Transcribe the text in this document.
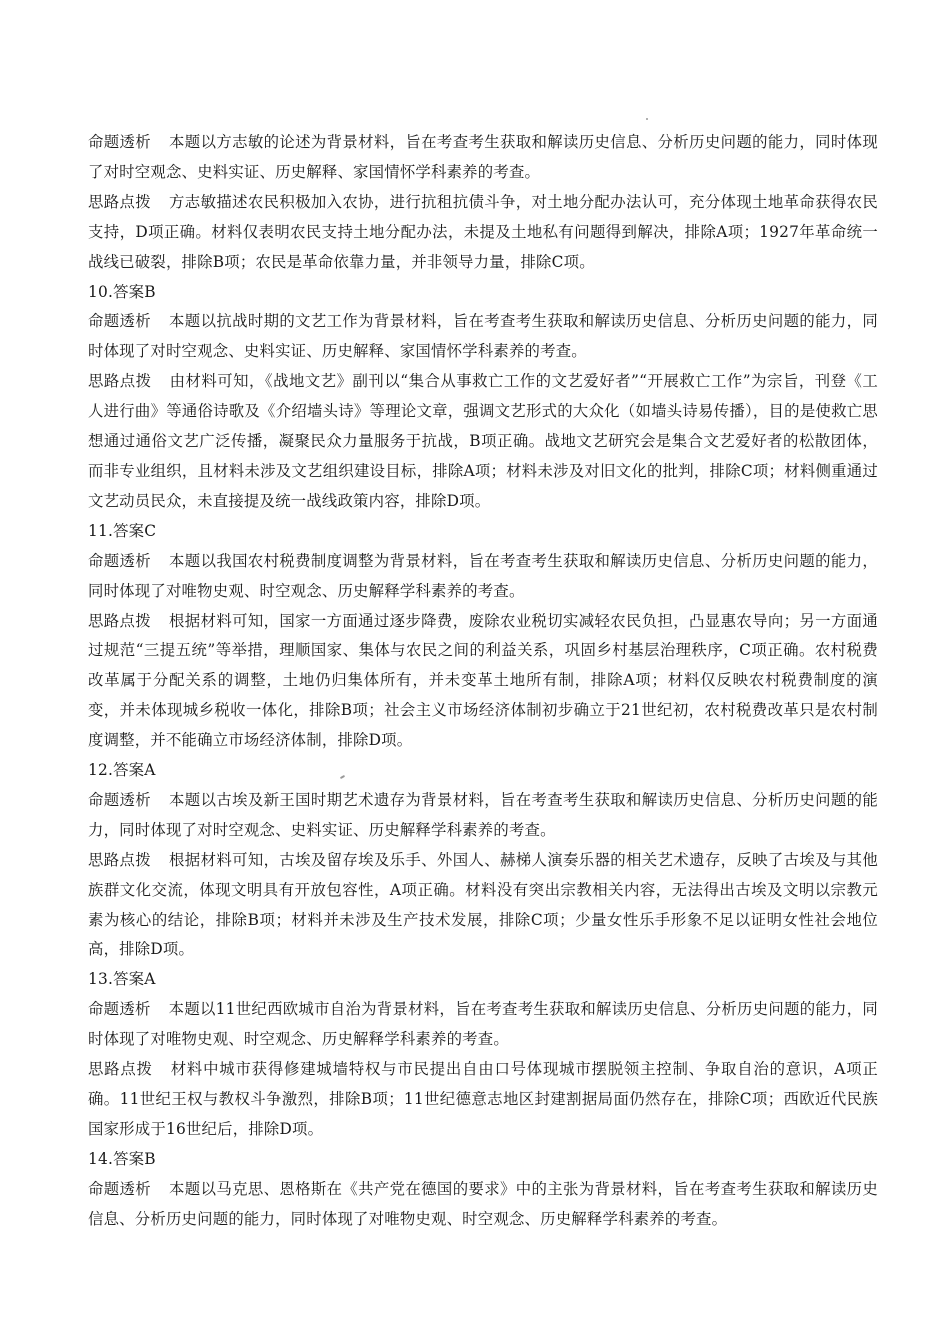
命题透析 本题以方志敏的论述为背景材料，旨在考查考生获取和解读历史信息、分析历史问题的能力，同时体现了对时空观念、史料实证、历史解释、家国情怀学科素养的考查。
思路点拨 方志敏描述农民积极加入农协，进行抗租抗债斗争，对土地分配办法认可，充分体现土地革命获得农民支持，D项正确。材料仅表明农民支持土地分配办法，未提及土地私有问题得到解决，排除A项；1927年革命统一战线已破裂，排除B项；农民是革命依靠力量，并非领导力量，排除C项。
10.答案B
命题透析 本题以抗战时期的文艺工作为背景材料，旨在考查考生获取和解读历史信息、分析历史问题的能力，同时体现了对时空观念、史料实证、历史解释、家国情怀学科素养的考查。
思路点拨 由材料可知，《战地文艺》副刊以“集合从事救亡工作的文艺爱好者”“开展救亡工作”为宗旨，刊登《工人进行曲》等通俗诗歌及《介绍墙头诗》等理论文章，强调文艺形式的大众化（如墙头诗易传播），目的是使救亡思想通过通俗文艺广泛传播，凝聚民众力量服务于抗战，B项正确。战地文艺研究会是集合文艺爱好者的松散团体，而非专业组织，且材料未涉及文艺组织建设目标，排除A项；材料未涉及对旧文化的批判，排除C项；材料侧重通过文艺动员民众，未直接提及统一战线政策内容，排除D项。
11.答案C
命题透析 本题以我国农村税费制度调整为背景材料，旨在考查考生获取和解读历史信息、分析历史问题的能力，同时体现了对唯物史观、时空观念、历史解释学科素养的考查。
思路点拨 根据材料可知，国家一方面通过逐步降费，废除农业税切实减轻农民负担，凸显惠农导向；另一方面通过规范“三提五统”等举措，理顺国家、集体与农民之间的利益关系，巩固乡村基层治理秩序，C项正确。农村税费改革属于分配关系的调整，土地仍归集体所有，并未变革土地所有制，排除A项；材料仅反映农村税费制度的演变，并未体现城乡税收一体化，排除B项；社会主义市场经济体制初步确立于21世纪初，农村税费改革只是农村制度调整，并不能确立市场经济体制，排除D项。
12.答案A
命题透析 本题以古埃及新王国时期艺术遗存为背景材料，旨在考查考生获取和解读历史信息、分析历史问题的能力，同时体现了对时空观念、史料实证、历史解释学科素养的考查。
思路点拨 根据材料可知，古埃及留存埃及乐手、外国人、赫梯人演奏乐器的相关艺术遗存，反映了古埃及与其他族群文化交流，体现文明具有开放包容性，A项正确。材料没有突出宗教相关内容，无法得出古埃及文明以宗教元素为核心的结论，排除B项；材料并未涉及生产技术发展，排除C项；少量女性乐手形象不足以证明女性社会地位高，排除D项。
13.答案A
命题透析 本题以11世纪西欧城市自治为背景材料，旨在考查考生获取和解读历史信息、分析历史问题的能力，同时体现了对唯物史观、时空观念、历史解释学科素养的考查。
思路点拨 材料中城市获得修建城墙特权与市民提出自由口号体现城市摆脱领主控制、争取自治的意识，A项正确。11世纪王权与教权斗争激烈，排除B项；11世纪德意志地区封建割据局面仍然存在，排除C项；西欧近代民族国家形成于16世纪后，排除D项。
14.答案B
命题透析 本题以马克思、恩格斯在《共产党在德国的要求》中的主张为背景材料，旨在考查考生获取和解读历史信息、分析历史问题的能力，同时体现了对唯物史观、时空观念、历史解释学科素养的考查。
